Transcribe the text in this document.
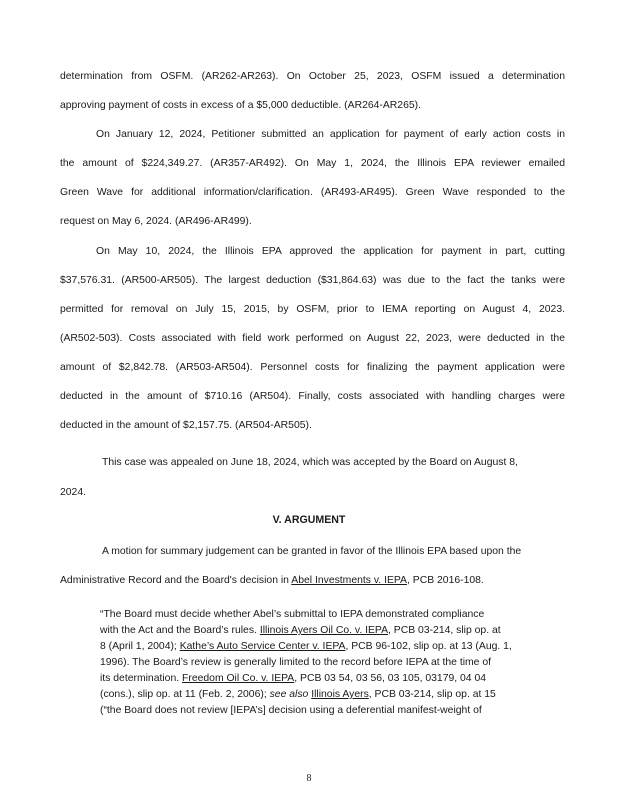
determination from OSFM. (AR262-AR263). On October 25, 2023, OSFM issued a determination
approving payment of costs in excess of a $5,000 deductible. (AR264-AR265).
On January 12, 2024, Petitioner submitted an application for payment of early action costs in
the amount of $224,349.27. (AR357-AR492). On May 1, 2024, the Illinois EPA reviewer emailed
Green Wave for additional information/clarification. (AR493-AR495). Green Wave responded to the
request on May 6, 2024. (AR496-AR499).
On May 10, 2024, the Illinois EPA approved the application for payment in part, cutting
$37,576.31. (AR500-AR505). The largest deduction ($31,864.63) was due to the fact the tanks were
permitted for removal on July 15, 2015, by OSFM, prior to IEMA reporting on August 4, 2023.
(AR502-503). Costs associated with field work performed on August 22, 2023, were deducted in the
amount of $2,842.78. (AR503-AR504). Personnel costs for finalizing the payment application were
deducted in the amount of $710.16 (AR504). Finally, costs associated with handling charges were
deducted in the amount of $2,157.75. (AR504-AR505).
This case was appealed on June 18, 2024, which was accepted by the Board on August 8,
2024.
V. ARGUMENT
A motion for summary judgement can be granted in favor of the Illinois EPA based upon the
Administrative Record and the Board's decision in Abel Investments v. IEPA, PCB 2016-108.
“The Board must decide whether Abel’s submittal to IEPA demonstrated compliance
with the Act and the Board’s rules. Illinois Ayers Oil Co. v. IEPA, PCB 03-214, slip op. at
8 (April 1, 2004); Kathe’s Auto Service Center v. IEPA, PCB 96-102, slip op. at 13 (Aug. 1,
1996). The Board’s review is generally limited to the record before IEPA at the time of
its determination. Freedom Oil Co. v. IEPA, PCB 03 54, 03 56, 03 105, 03179, 04 04
(cons.), slip op. at 11 (Feb. 2, 2006); see also Illinois Ayers, PCB 03-214, slip op. at 15
(“the Board does not review [IEPA’s] decision using a deferential manifest-weight of
8
